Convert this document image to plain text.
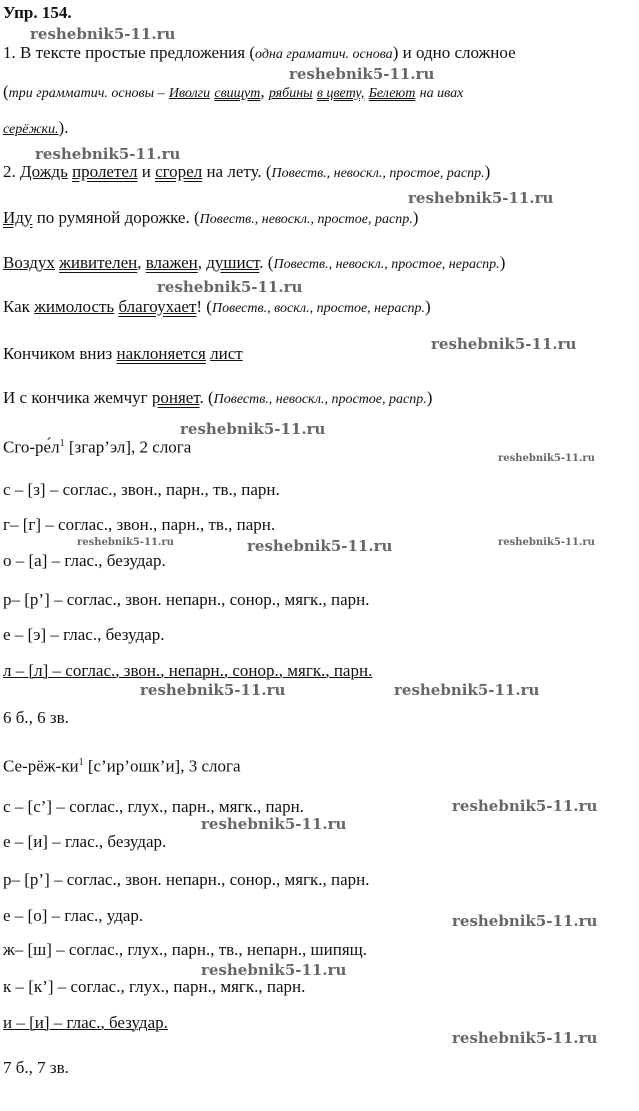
Упр. 154.
1. В тексте простые предложения (одна граматич. основа) и одно сложное
(три грамматич. основы – Иволги свищут, рябины в цвету, Белеют на ивах
серёжки.).
2. Дождь пролетел и сгорел на лету. (Повеств., невоскл., простое, распр.)
Иду по румяной дорожке. (Повеств., невоскл., простое, распр.)
Воздух живителен, влажен, душист. (Повеств., невоскл., простое, нераспр.)
Как жимолость благоухает! (Повеств., воскл., простое, нераспр.)
Кончиком вниз наклоняется лист
И с кончика жемчуг роняет. (Повеств., невоскл., простое, распр.)
Сго-$ре́л^1$ [згар’эл], 2 слога
с – [з] – соглас., звон., парн., тв., парн.
г– [г] – соглас., звон., парн., тв., парн.
о – [а] – глас., безудар.
р– [р’] – соглас., звон. непарн., сонор., мягк., парн.
е – [э] – глас., безудар.
л – [л] – соглас., звон., непарн., сонор., мягк., парн.
6 б., 6 зв.
$Се-рёж-ки^1$ [с’ир’ошк’и], 3 слога
с – [с’] – соглас., глух., парн., мягк., парн.
е – [и] – глас., безудар.
р– [р’] – соглас., звон. непарн., сонор., мягк., парн.
е – [о] – глас., удар.
ж– [ш] – соглас., глух., парн., тв., непарн., шипящ.
к – [к’] – соглас., глух., парн., мягк., парн.
и – [и] – глас., безудар.
7 б., 7 зв.
reshebnik5-11.ru
reshebnik5-11.ru
reshebnik5-11.ru
reshebnik5-11.ru
reshebnik5-11.ru
reshebnik5-11.ru
reshebnik5-11.ru
reshebnik5-11.ru
reshebnik5-11.ru	reshebnik5-11.ru	reshebnik5-11.ru
reshebnik5-11.ru	reshebnik5-11.ru
reshebnik5-11.ru
reshebnik5-11.ru
reshebnik5-11.ru
reshebnik5-11.ru
reshebnik5-11.ru
